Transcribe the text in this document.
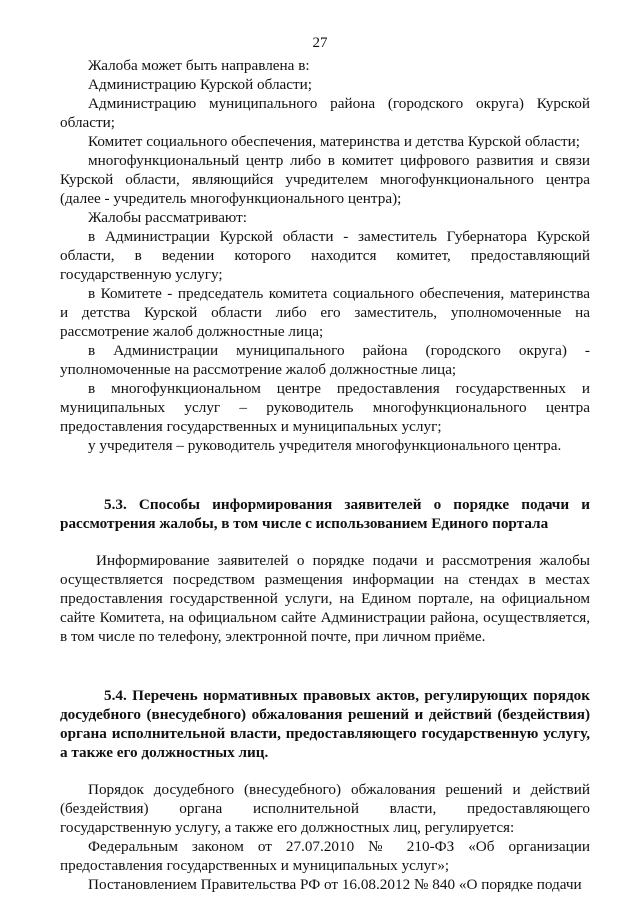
27

Жалоба может быть направлена в:

Администрацию Курской области;

Администрацию муниципального района (городского округа) Курской области;

Комитет социального обеспечения, материнства и детства Курской области;

многофункциональный центр либо в комитет цифрового развития и связи Курской области, являющийся учредителем многофункционального центра (далее - учредитель многофункционального центра);

Жалобы рассматривают:

в Администрации Курской области - заместитель Губернатора Курской области, в ведении которого находится комитет, предоставляющий государственную услугу;

в Комитете - председатель комитета социального обеспечения, материнства и детства Курской области либо его заместитель, уполномоченные на рассмотрение жалоб должностные лица;

в Администрации муниципального района (городского округа) - уполномоченные на рассмотрение жалоб должностные лица;

в многофункциональном центре предоставления государственных и муниципальных услуг – руководитель многофункционального центра предоставления государственных и муниципальных услуг;

у учредителя – руководитель учредителя многофункционального центра.

5.3. Способы информирования заявителей о порядке подачи и рассмотрения жалобы, в том числе с использованием Единого портала

Информирование заявителей о порядке подачи и рассмотрения жалобы осуществляется посредством размещения информации на стендах в местах предоставления государственной услуги, на Едином портале, на официальном сайте Комитета, на официальном сайте Администрации района, осуществляется, в том числе по телефону, электронной почте, при личном приёме.

5.4. Перечень нормативных правовых актов, регулирующих порядок досудебного (внесудебного) обжалования решений и действий (бездействия) органа исполнительной власти, предоставляющего государственную услугу, а также его должностных лиц.

Порядок досудебного (внесудебного) обжалования решений и действий (бездействия) органа исполнительной власти, предоставляющего государственную услугу, а также его должностных лиц, регулируется:

Федеральным законом от 27.07.2010 № 210-ФЗ «Об организации предоставления государственных и муниципальных услуг»;

Постановлением Правительства РФ от 16.08.2012 № 840 «О порядке подачи
